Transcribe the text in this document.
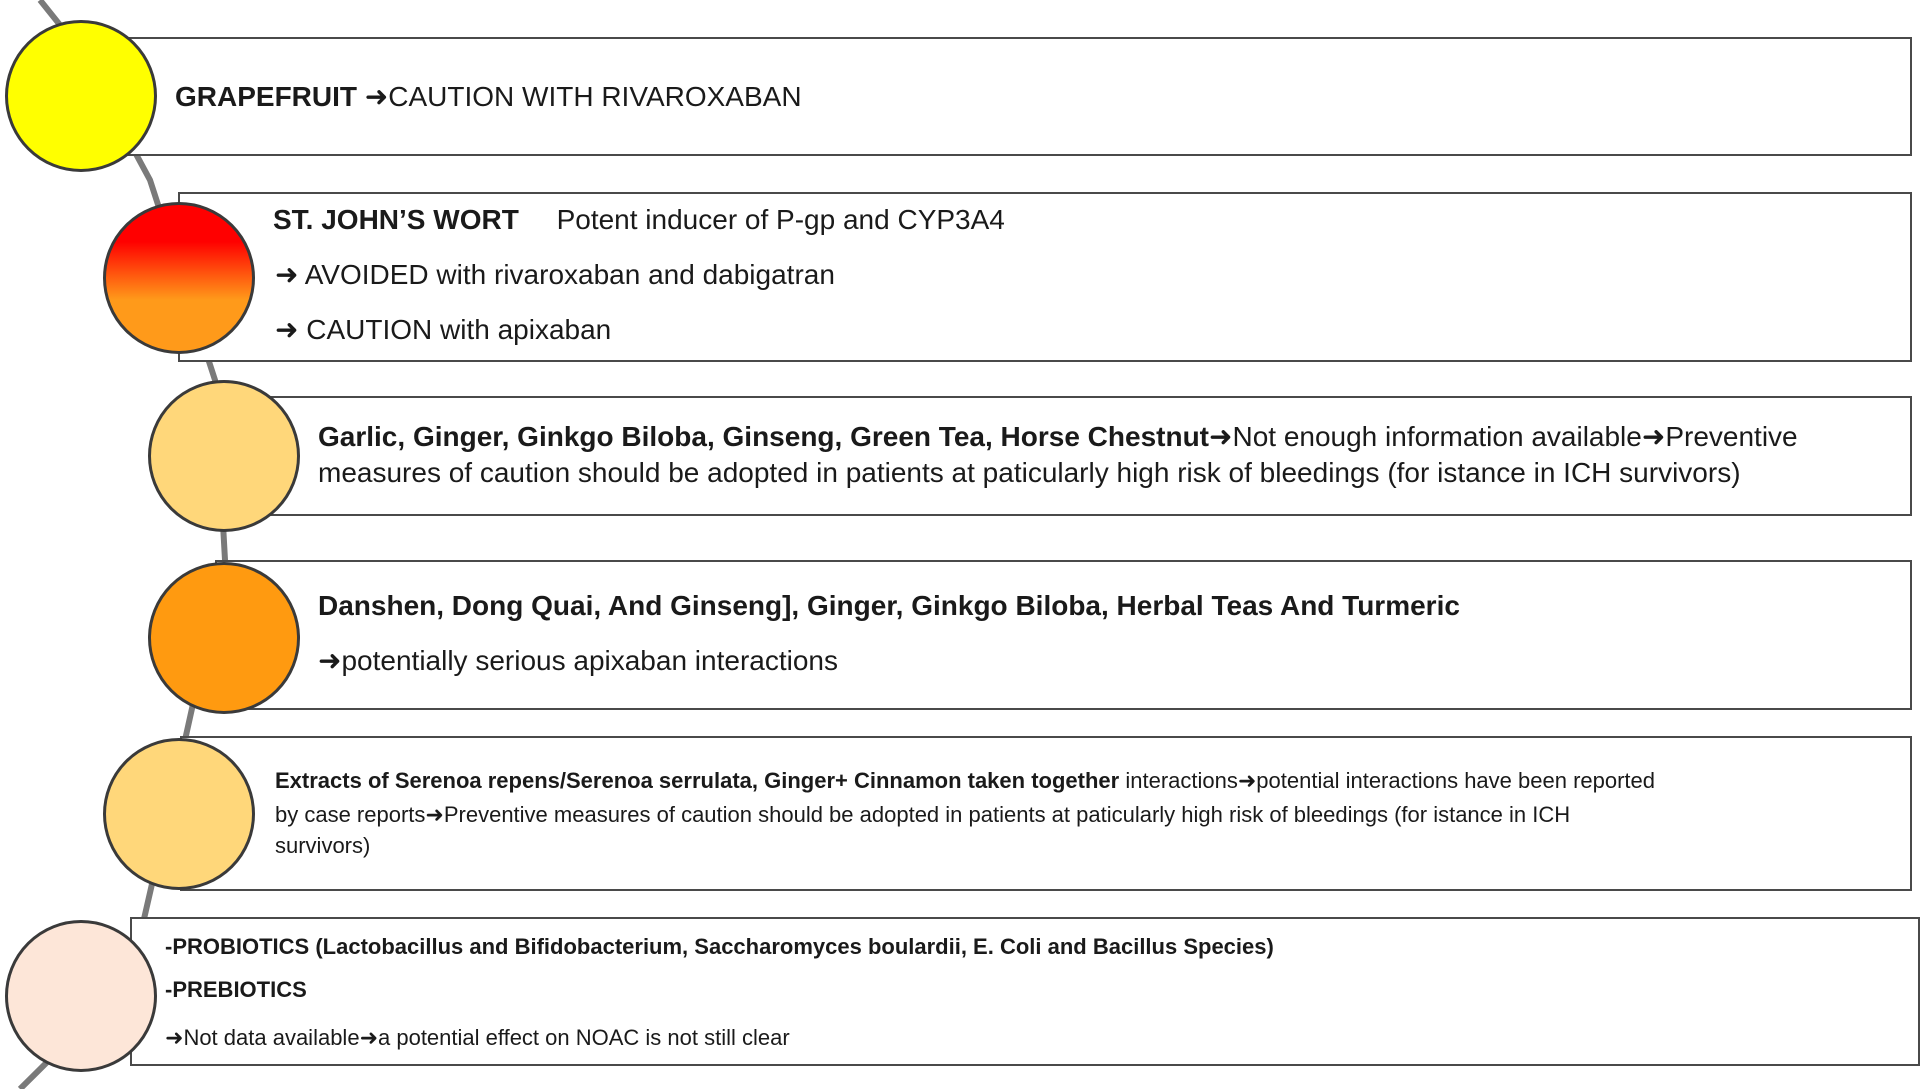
GRAPEFRUIT ➜CAUTION WITH RIVAROXABAN
ST. JOHN’S WORT Potent inducer of P-gp and CYP3A4
➜ AVOIDED with rivaroxaban and dabigatran
➜ CAUTION with apixaban
Garlic, Ginger, Ginkgo Biloba, Ginseng, Green Tea, Horse Chestnut➜Not enough information available➜Preventive
measures of caution should be adopted in patients at paticularly high risk of bleedings (for istance in ICH survivors)
Danshen, Dong Quai, And Ginseng], Ginger, Ginkgo Biloba, Herbal Teas And Turmeric
➜potentially serious apixaban interactions
Extracts of Serenoa repens/Serenoa serrulata, Ginger+ Cinnamon taken together interactions➜potential interactions have been reported
by case reports➜Preventive measures of caution should be adopted in patients at paticularly high risk of bleedings (for istance in ICH
survivors)
-PROBIOTICS (Lactobacillus and Bifidobacterium, Saccharomyces boulardii, E. Coli and Bacillus Species)
-PREBIOTICS
➜Not data available➜a potential effect on NOAC is not still clear
